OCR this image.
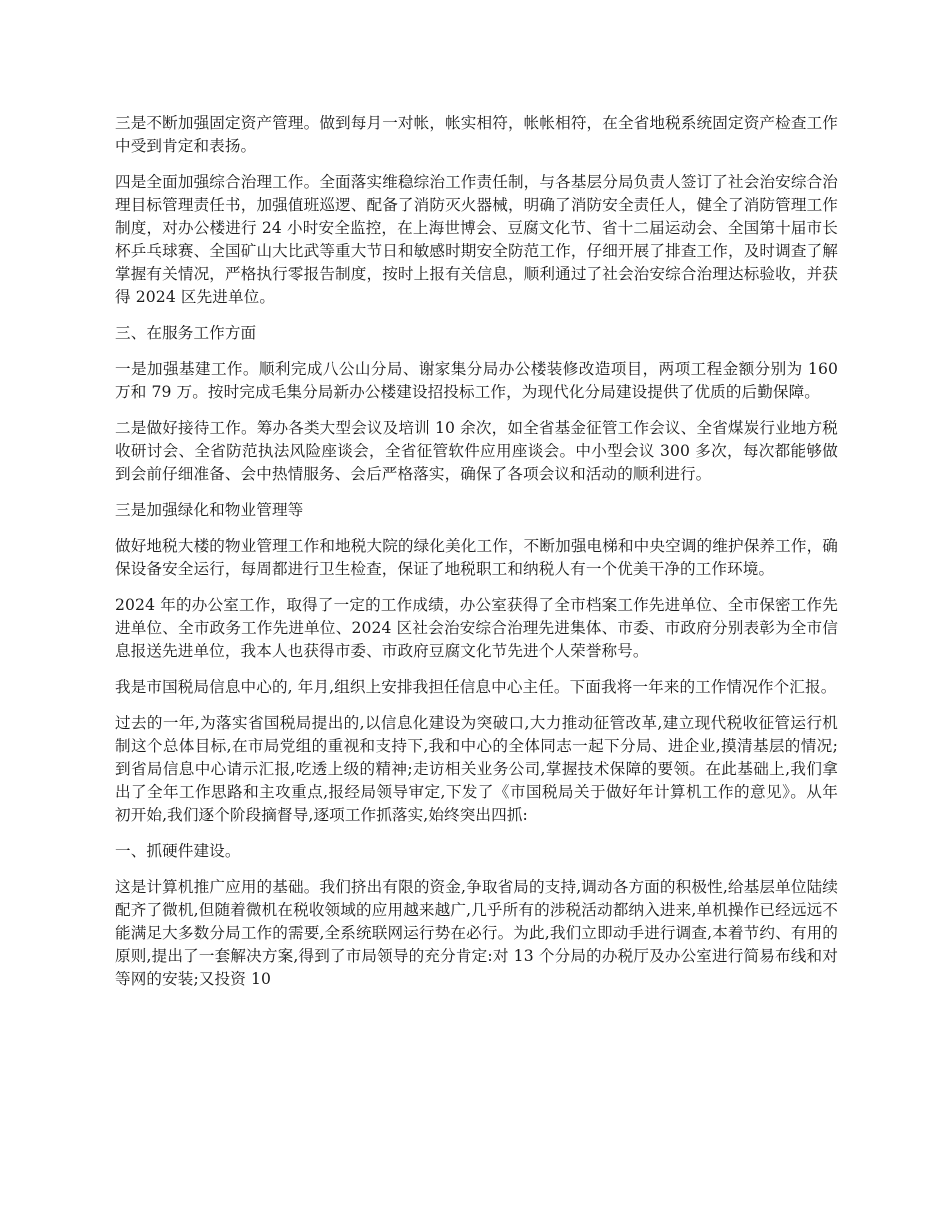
三是不断加强固定资产管理。做到每月一对帐，帐实相符，帐帐相符，在全省地税系统固定资产检查工作中受到肯定和表扬。

四是全面加强综合治理工作。全面落实维稳综治工作责任制，与各基层分局负责人签订了社会治安综合治理目标管理责任书，加强值班巡逻、配备了消防灭火器械，明确了消防安全责任人，健全了消防管理工作制度，对办公楼进行 24 小时安全监控，在上海世博会、豆腐文化节、省十二届运动会、全国第十届市长杯乒乓球赛、全国矿山大比武等重大节日和敏感时期安全防范工作，仔细开展了排查工作，及时调查了解掌握有关情况，严格执行零报告制度，按时上报有关信息，顺利通过了社会治安综合治理达标验收，并获得 2024 区先进单位。

三、在服务工作方面

一是加强基建工作。顺利完成八公山分局、谢家集分局办公楼装修改造项目，两项工程金额分别为 160 万和 79 万。按时完成毛集分局新办公楼建设招投标工作，为现代化分局建设提供了优质的后勤保障。

二是做好接待工作。筹办各类大型会议及培训 10 余次，如全省基金征管工作会议、全省煤炭行业地方税收研讨会、全省防范执法风险座谈会，全省征管软件应用座谈会。中小型会议 300 多次，每次都能够做到会前仔细准备、会中热情服务、会后严格落实，确保了各项会议和活动的顺利进行。

三是加强绿化和物业管理等

做好地税大楼的物业管理工作和地税大院的绿化美化工作，不断加强电梯和中央空调的维护保养工作，确保设备安全运行，每周都进行卫生检查，保证了地税职工和纳税人有一个优美干净的工作环境。

2024 年的办公室工作，取得了一定的工作成绩，办公室获得了全市档案工作先进单位、全市保密工作先进单位、全市政务工作先进单位、2024 区社会治安综合治理先进集体、市委、市政府分别表彰为全市信息报送先进单位，我本人也获得市委、市政府豆腐文化节先进个人荣誉称号。

我是市国税局信息中心的, 年月,组织上安排我担任信息中心主任。下面我将一年来的工作情况作个汇报。

过去的一年,为落实省国税局提出的,以信息化建设为突破口,大力推动征管改革,建立现代税收征管运行机制这个总体目标,在市局党组的重视和支持下,我和中心的全体同志一起下分局、进企业,摸清基层的情况;到省局信息中心请示汇报,吃透上级的精神;走访相关业务公司,掌握技术保障的要领。在此基础上,我们拿出了全年工作思路和主攻重点,报经局领导审定,下发了《市国税局关于做好年计算机工作的意见》。从年初开始,我们逐个阶段摘督导,逐项工作抓落实,始终突出四抓:

一、抓硬件建设。

这是计算机推广应用的基础。我们挤出有限的资金,争取省局的支持,调动各方面的积极性,给基层单位陆续配齐了微机,但随着微机在税收领域的应用越来越广,几乎所有的涉税活动都纳入进来,单机操作已经远远不能满足大多数分局工作的需要,全系统联网运行势在必行。为此,我们立即动手进行调查,本着节约、有用的原则,提出了一套解决方案,得到了市局领导的充分肯定:对 13 个分局的办税厅及办公室进行简易布线和对等网的安装;又投资 10
